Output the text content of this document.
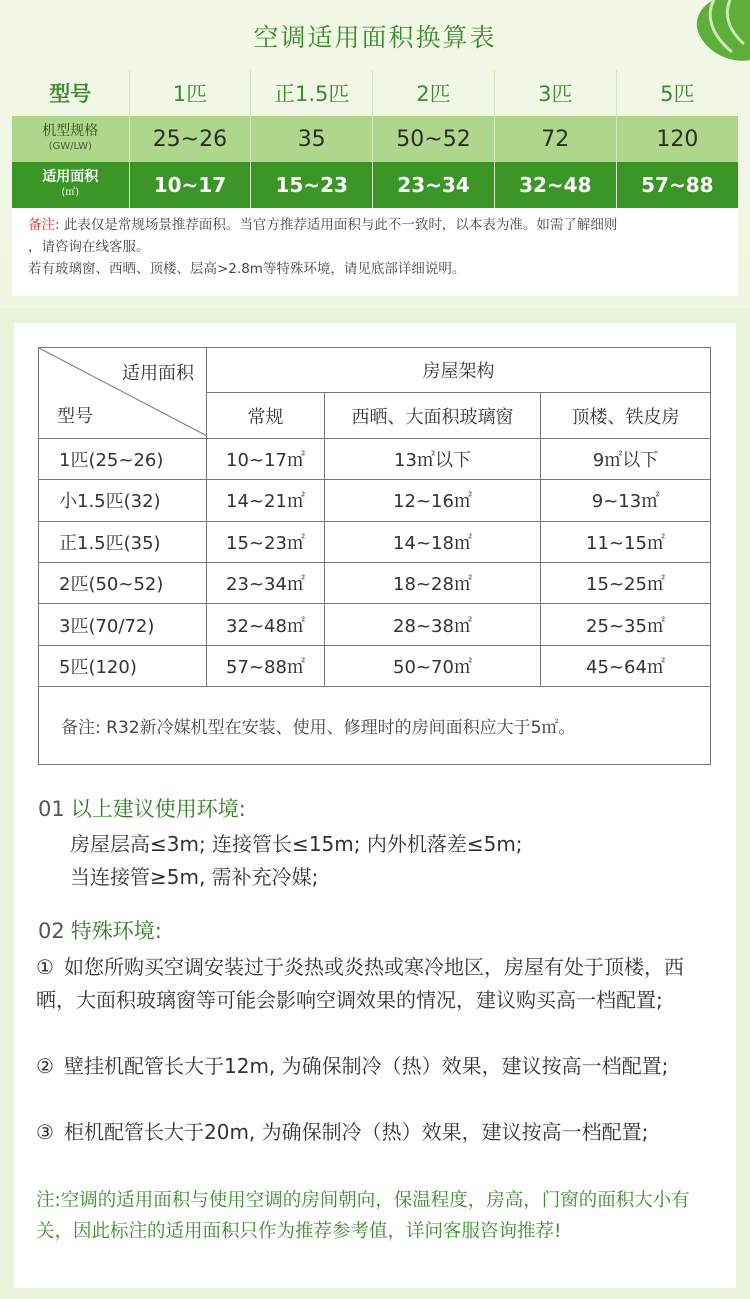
空调适用面积换算表
型号	1匹	正1.5匹	2匹	3匹	5匹

机型规格
(GW/LW)	25~26	35	50~52	72	120

适用面积
(㎡)	10~17	15~23	23~34	32~48	57~88
备注: 此表仅是常规场景推荐面积。当官方推荐适用面积与此不一致时，以本表为准。如需了解细则
，请咨询在线客服。
若有玻璃窗、西晒、顶楼、层高>2.8m等特殊环境，请见底部详细说明。
适用面积
型号	房屋架构		
	常规	西晒、大面积玻璃窗	顶楼、铁皮房
1匹(25~26)	10~17㎡	13㎡以下	9㎡以下
小1.5匹(32)	14~21㎡	12~16㎡	9~13㎡
正1.5匹(35)	15~23㎡	14~18㎡	11~15㎡
2匹(50~52)	23~34㎡	18~28㎡	15~25㎡
3匹(70/72)	32~48㎡	28~38㎡	25~35㎡
5匹(120)	57~88㎡	50~70㎡	45~64㎡
备注: R32新冷媒机型在安装、使用、修理时的房间面积应大于5㎡。			
01 以上建议使用环境:
房屋层高≤3m; 连接管长≤15m; 内外机落差≤5m;
当连接管≥5m, 需补充冷媒;
02 特殊环境:
① 如您所购买空调安装过于炎热或炎热或寒冷地区，房屋有处于顶楼，西晒，大面积玻璃窗等可能会影响空调效果的情况，建议购买高一档配置;
② 壁挂机配管长大于12m, 为确保制冷（热）效果，建议按高一档配置;
③ 柜机配管长大于20m, 为确保制冷（热）效果，建议按高一档配置;
注:空调的适用面积与使用空调的房间朝向，保温程度，房高，门窗的面积大小有关，因此标注的适用面积只作为推荐参考值，详问客服咨询推荐!
